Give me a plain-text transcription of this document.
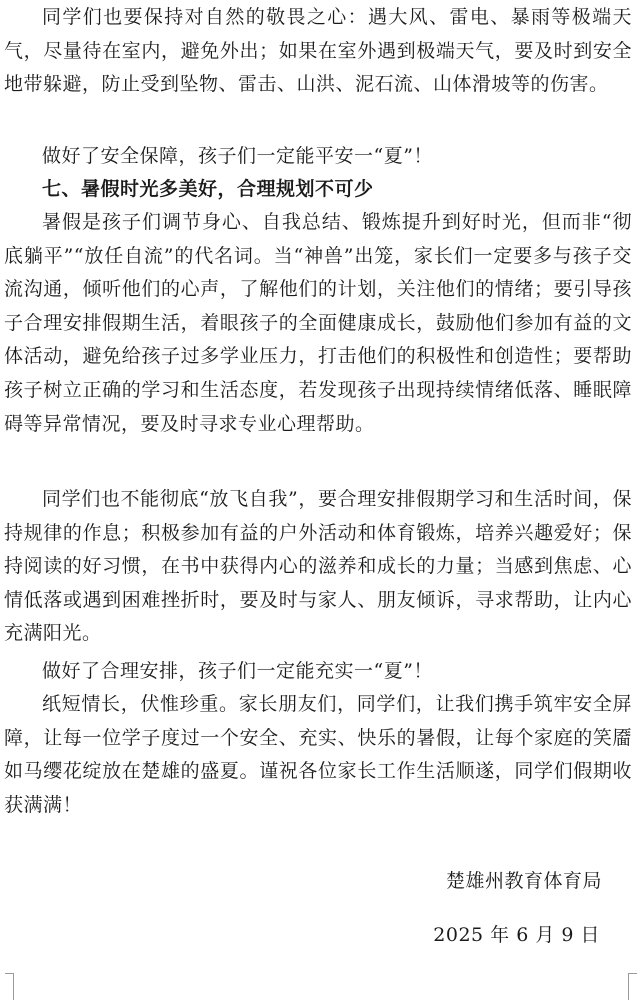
同学们也要保持对自然的敬畏之心：遇大风、雷电、暴雨等极端天气，尽量待在室内，避免外出；如果在室外遇到极端天气，要及时到安全地带躲避，防止受到坠物、雷击、山洪、泥石流、山体滑坡等的伤害。

做好了安全保障，孩子们一定能平安一“夏”！

七、暑假时光多美好，合理规划不可少

暑假是孩子们调节身心、自我总结、锻炼提升到好时光，但而非“彻底躺平”“放任自流”的代名词。当“神兽”出笼，家长们一定要多与孩子交流沟通，倾听他们的心声，了解他们的计划，关注他们的情绪；要引导孩子合理安排假期生活，着眼孩子的全面健康成长，鼓励他们参加有益的文体活动，避免给孩子过多学业压力，打击他们的积极性和创造性；要帮助孩子树立正确的学习和生活态度，若发现孩子出现持续情绪低落、睡眠障碍等异常情况，要及时寻求专业心理帮助。

同学们也不能彻底“放飞自我”，要合理安排假期学习和生活时间，保持规律的作息；积极参加有益的户外活动和体育锻炼，培养兴趣爱好；保持阅读的好习惯，在书中获得内心的滋养和成长的力量；当感到焦虑、心情低落或遇到困难挫折时，要及时与家人、朋友倾诉，寻求帮助，让内心充满阳光。

做好了合理安排，孩子们一定能充实一“夏”！

纸短情长，伏惟珍重。家长朋友们，同学们，让我们携手筑牢安全屏障，让每一位学子度过一个安全、充实、快乐的暑假，让每个家庭的笑靥如马缨花绽放在楚雄的盛夏。谨祝各位家长工作生活顺遂，同学们假期收获满满！

楚雄州教育体育局

2025 年 6 月 9 日
